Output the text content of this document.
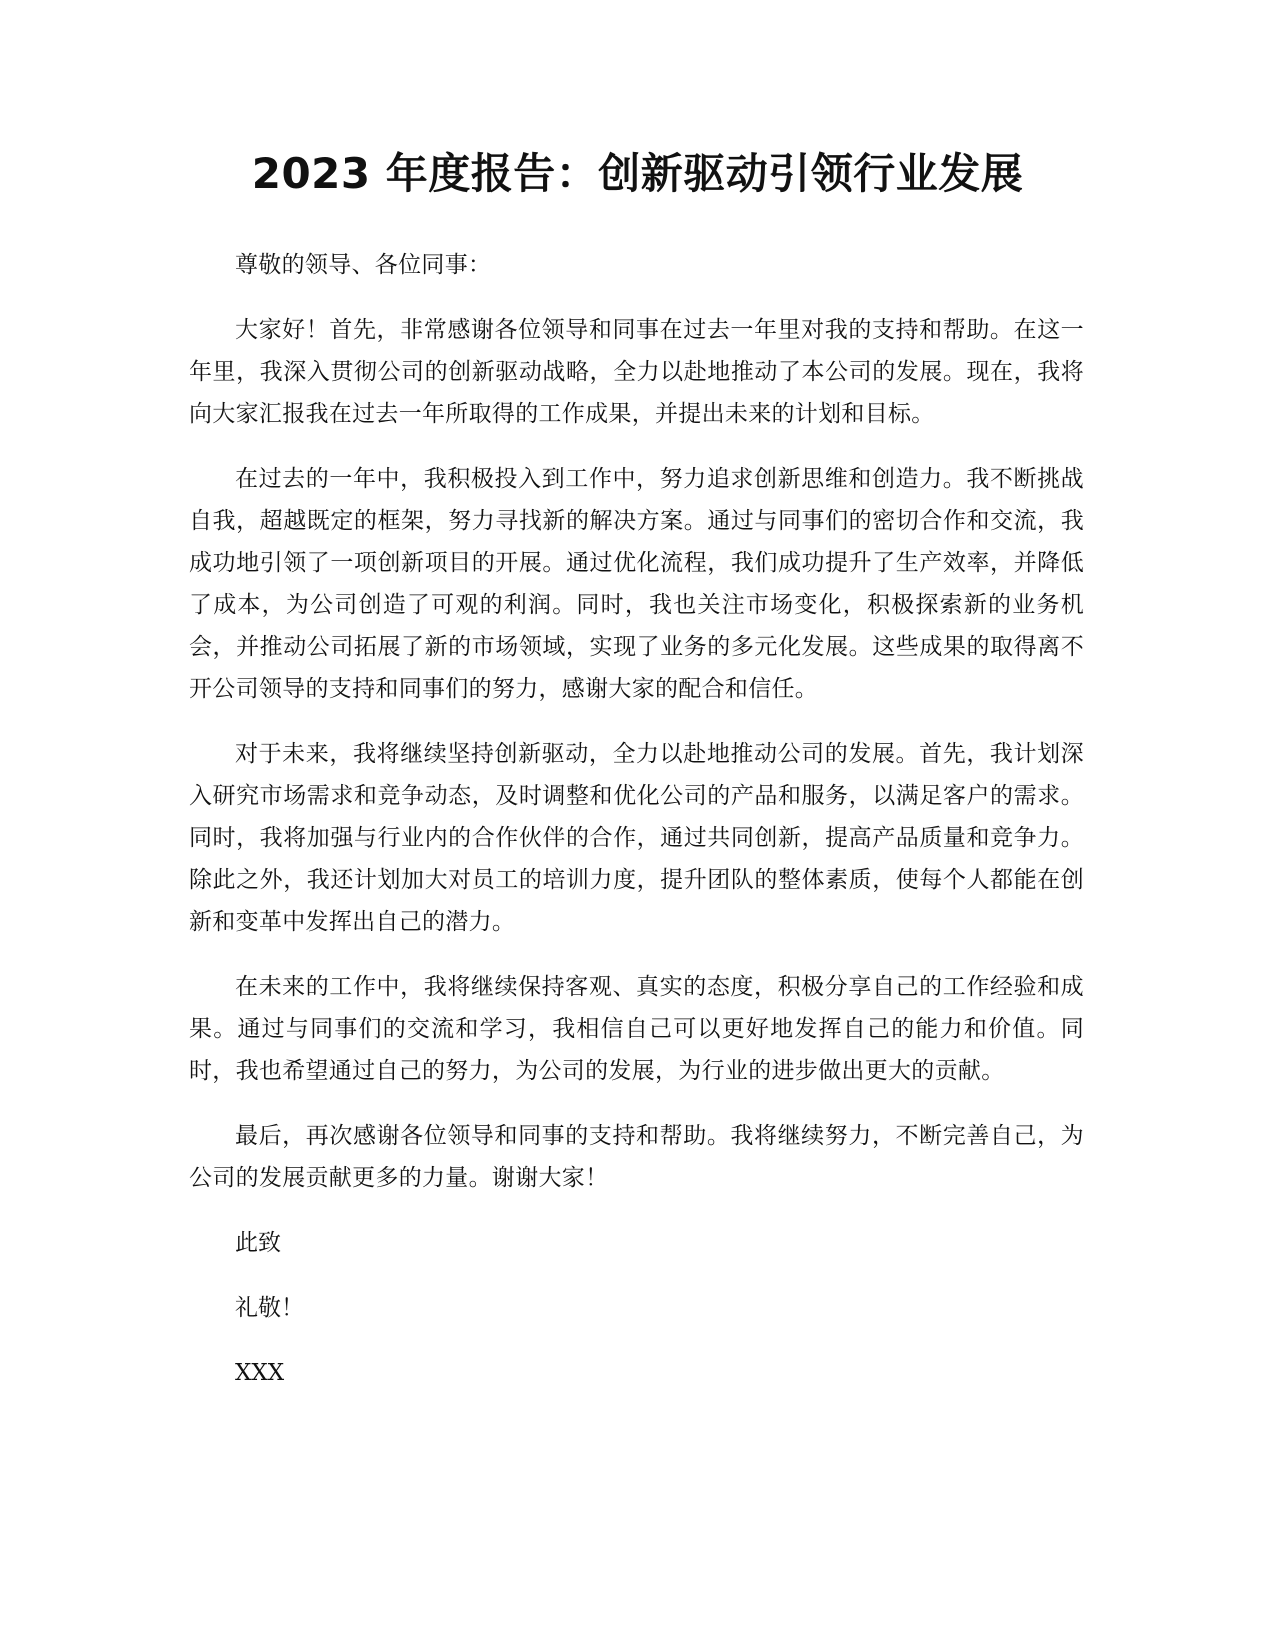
2023 年度报告：创新驱动引领行业发展

尊敬的领导、各位同事：

大家好！首先，非常感谢各位领导和同事在过去一年里对我的支持和帮助。在这一年里，我深入贯彻公司的创新驱动战略，全力以赴地推动了本公司的发展。现在，我将向大家汇报我在过去一年所取得的工作成果，并提出未来的计划和目标。

在过去的一年中，我积极投入到工作中，努力追求创新思维和创造力。我不断挑战自我，超越既定的框架，努力寻找新的解决方案。通过与同事们的密切合作和交流，我成功地引领了一项创新项目的开展。通过优化流程，我们成功提升了生产效率，并降低了成本，为公司创造了可观的利润。同时，我也关注市场变化，积极探索新的业务机会，并推动公司拓展了新的市场领域，实现了业务的多元化发展。这些成果的取得离不开公司领导的支持和同事们的努力，感谢大家的配合和信任。

对于未来，我将继续坚持创新驱动，全力以赴地推动公司的发展。首先，我计划深入研究市场需求和竞争动态，及时调整和优化公司的产品和服务，以满足客户的需求。同时，我将加强与行业内的合作伙伴的合作，通过共同创新，提高产品质量和竞争力。除此之外，我还计划加大对员工的培训力度，提升团队的整体素质，使每个人都能在创新和变革中发挥出自己的潜力。

在未来的工作中，我将继续保持客观、真实的态度，积极分享自己的工作经验和成果。通过与同事们的交流和学习，我相信自己可以更好地发挥自己的能力和价值。同时，我也希望通过自己的努力，为公司的发展，为行业的进步做出更大的贡献。

最后，再次感谢各位领导和同事的支持和帮助。我将继续努力，不断完善自己，为公司的发展贡献更多的力量。谢谢大家！

此致

礼敬！

XXX
